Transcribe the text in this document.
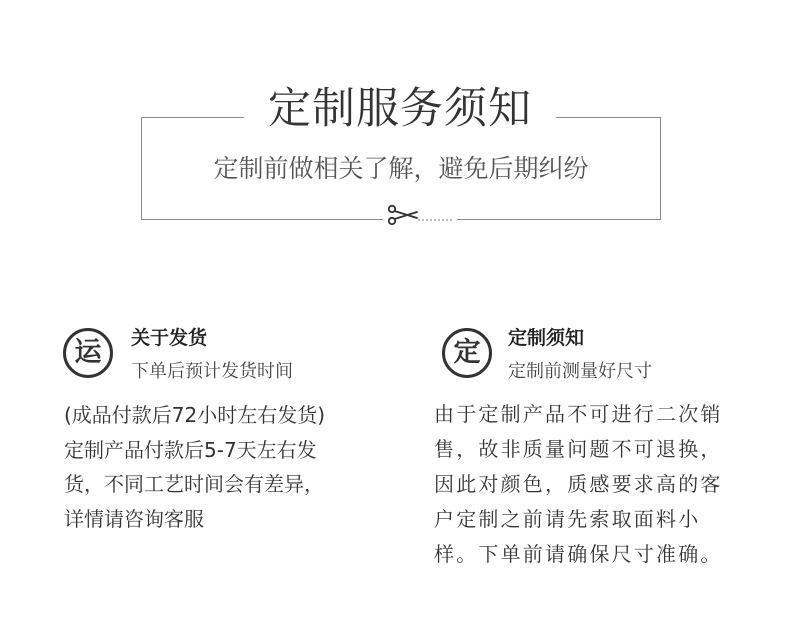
定制服务须知
定制前做相关了解，避免后期纠纷
运	关于发货
下单后预计发货时间

(成品付款后72小时左右发货)

定制产品付款后5-7天左右发货，不同工艺时间会有差异，详情请咨询客服

定	定制须知
定制前测量好尺寸

由于定制产品不可进行二次销售，故非质量问题不可退换，因此对颜色，质感要求高的客户定制之前请先索取面料小样。下单前请确保尺寸准确。
